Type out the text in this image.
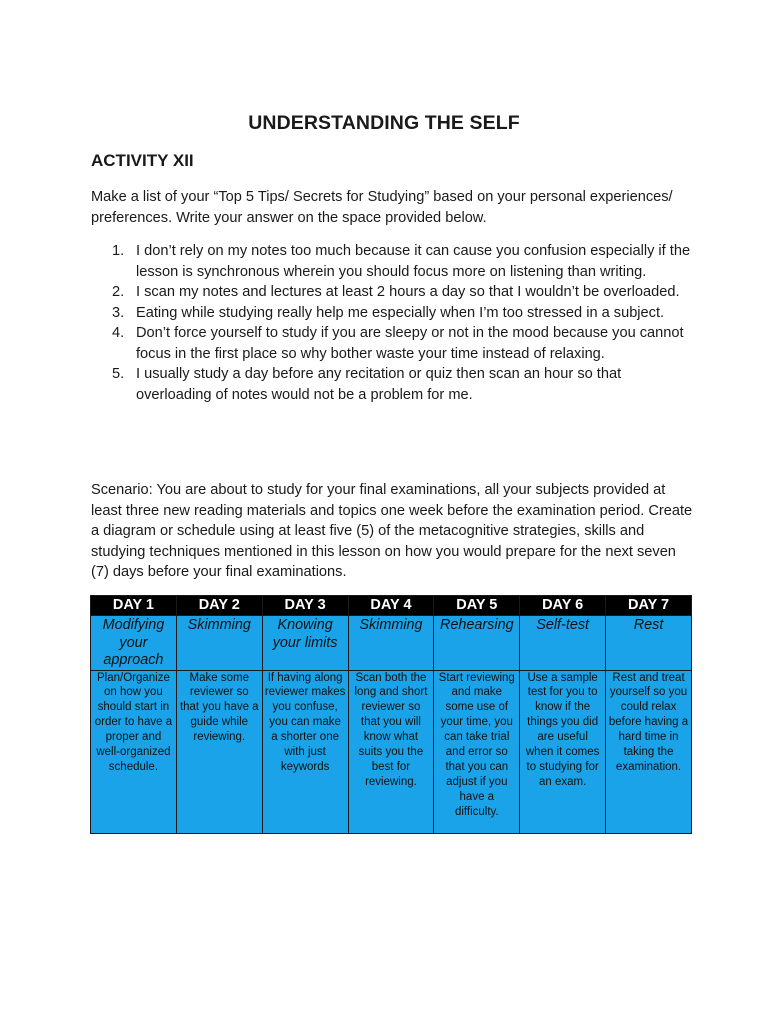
UNDERSTANDING THE SELF
ACTIVITY XII

Make a list of your “Top 5 Tips/ Secrets for Studying” based on your personal experiences/ preferences. Write your answer on the space provided below.

1. I don’t rely on my notes too much because it can cause you confusion especially if the lesson is synchronous wherein you should focus more on listening than writing.
2. I scan my notes and lectures at least 2 hours a day so that I wouldn’t be overloaded.
3. Eating while studying really help me especially when I’m too stressed in a subject.
4. Don’t force yourself to study if you are sleepy or not in the mood because you cannot focus in the first place so why bother waste your time instead of relaxing.
5. I usually study a day before any recitation or quiz then scan an hour so that overloading of notes would not be a problem for me.

Scenario: You are about to study for your final examinations, all your subjects provided at least three new reading materials and topics one week before the examination period. Create a diagram or schedule using at least five (5) of the metacognitive strategies, skills and studying techniques mentioned in this lesson on how you would prepare for the next seven (7) days before your final examinations.

DAY 1	DAY 2	DAY 3	DAY 4	DAY 5	DAY 6	DAY 7
Modifying your approach	Skimming	Knowing your limits	Skimming	Rehearsing	Self-test	Rest
Plan/Organize on how you should start in order to have a proper and well-organized schedule.	Make some reviewer so that you have a guide while reviewing.	If having along reviewer makes you confuse, you can make a shorter one with just keywords	Scan both the long and short reviewer so that you will know what suits you the best for reviewing.	Start reviewing and make some use of your time, you can take trial and error so that you can adjust if you have a difficulty.	Use a sample test for you to know if the things you did are useful when it comes to studying for an exam.	Rest and treat yourself so you could relax before having a hard time in taking the examination.
